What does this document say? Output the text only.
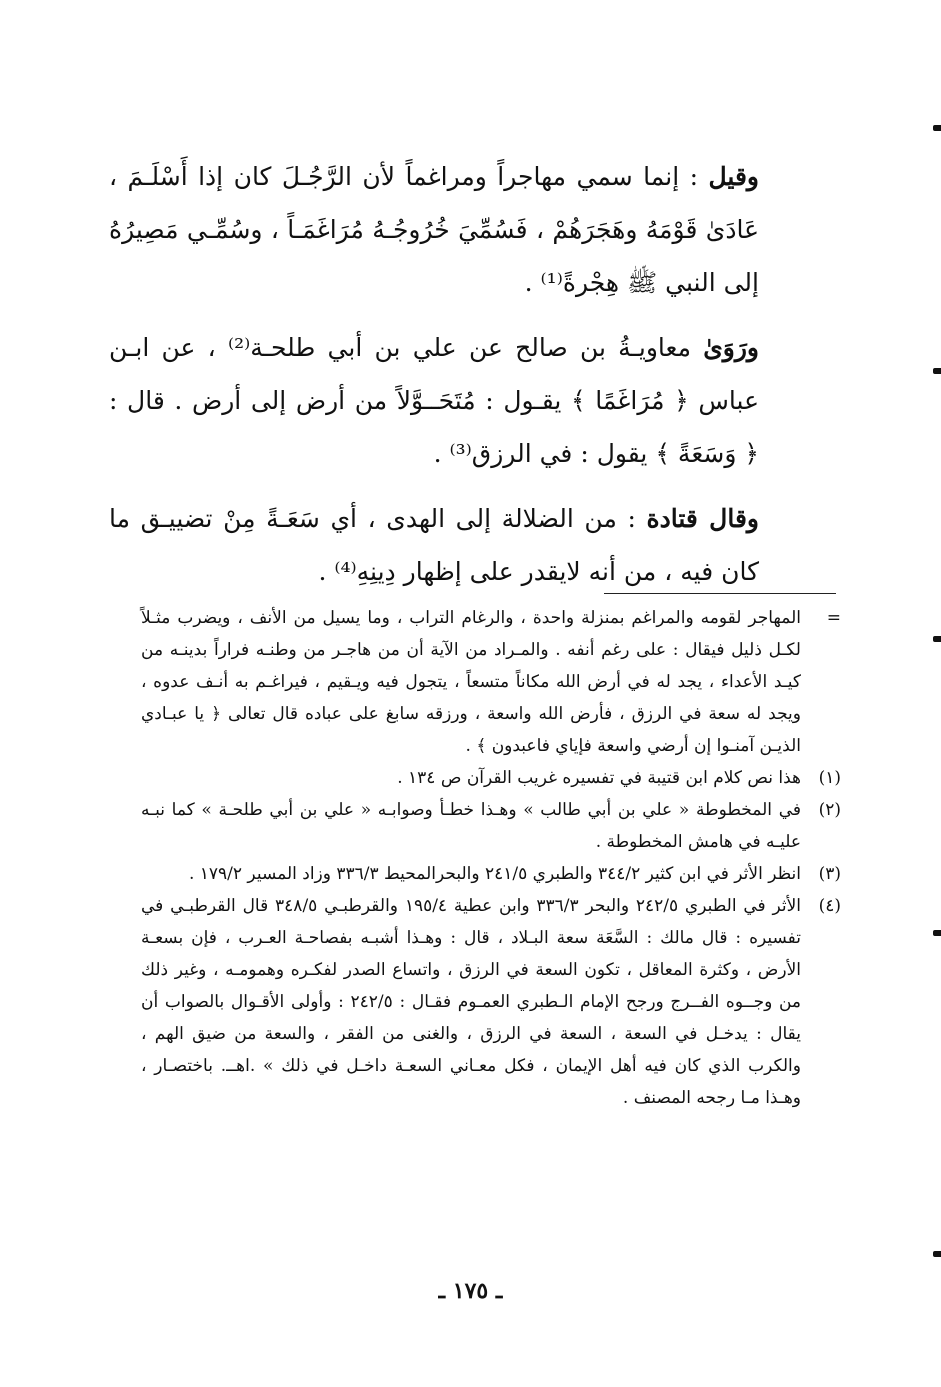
وقيل : إنما سمي مهاجراً ومراغماً لأن الرَّجُـلَ كان إذا أَسْلَـمَ ، عَادَىٰ قَوْمَهُ وهَجَرَهُمْ ، فَسُمِّيَ خُرُوجُـهُ مُرَاغَمَـاً ، وسُمِّـي مَصِيرُهُ إلى النبي ﷺ هِجْرةً⁽¹⁾ .

ورَوَىٰ معاويـةُ بن صالح عن علي بن أبي طلحـة⁽²⁾ ، عن ابـن عباس ﴿ مُرَاغَمًا ﴾ يقـول : مُتَحَــوَّلاً من أرض إلى أرض . قال : ﴿ وَسَعَةً ﴾ يقول : في الرزق⁽³⁾ .

وقال قتادة : من الضلالة إلى الهدى ، أي سَعَـةً مِنْ تضييـق ما كان فيه ، من أنه لايقدر على إظهار دِينِهِ⁽⁴⁾ .

=
المهاجر لقومه والمراغم بمنزلة واحدة ، والرغام التراب ، وما يسيل من الأنف ، ويضرب مثـلاً لكـل ذليل فيقال : على رغم أنفه . والمـراد من الآية أن من هاجـر من وطنـه فراراً بدينـه من كيـد الأعداء ، يجد له في أرض الله مكاناً متسعاً ، يتجول فيه ويـقيم ، فيراغـم به أنـف عدوه ، ويجد له سعة في الرزق ، فأرض الله واسعة ، ورزقه سابغ على عباده قال تعالى ﴿ يا عبـادي الذيـن آمنـوا إن أرضي واسعة فإياي فاعبدون ﴾ .
(١)
هذا نص كلام ابن قتيبة في تفسيره غريب القرآن ص ١٣٤ .
(٢)
في المخطوطة « علي بن أبي طالب » وهـذا خطـأ وصوابـه « علي بن أبي طلحـة » كما نبـه عليـه في هامش المخطوطة .
(٣)
انظر الأثر في ابن كثير ٣٤٤/٢ والطبري ٢٤١/٥ والبحرالمحيط ٣٣٦/٣ وزاد المسير ١٧٩/٢ .
(٤)
الأثر في الطبري ٢٤٢/٥ والبحر ٣٣٦/٣ وابن عطية ١٩٥/٤ والقرطبـي ٣٤٨/٥ قال القرطبـي في تفسيره : قال مالك : السَّعَة سعة البـلاد ، قال : وهـذا أشبـه بفصاحـة العـرب ، فإن بسعـة الأرض ، وكثرة المعاقل ، تكون السعة في الرزق ، واتساع الصدر لفكـره وهمومـه ، وغير ذلك من وجــوه الفــرج ورجح الإمام الـطبري العمـوم فقـال : ٢٤٢/٥ : وأولى الأقـوال بالصواب أن يقال : يدخـل في السعة ، السعة في الرزق ، والغنى من الفقر ، والسعة من ضيق الهم ، والكرب الذي كان فيه أهل الإيمان ، فكل معـاني السعـة داخـل في ذلك » .اهــ. باختصـار ، وهـذا مـا رجحه المصنف .
ـ ١٧٥ ـ
